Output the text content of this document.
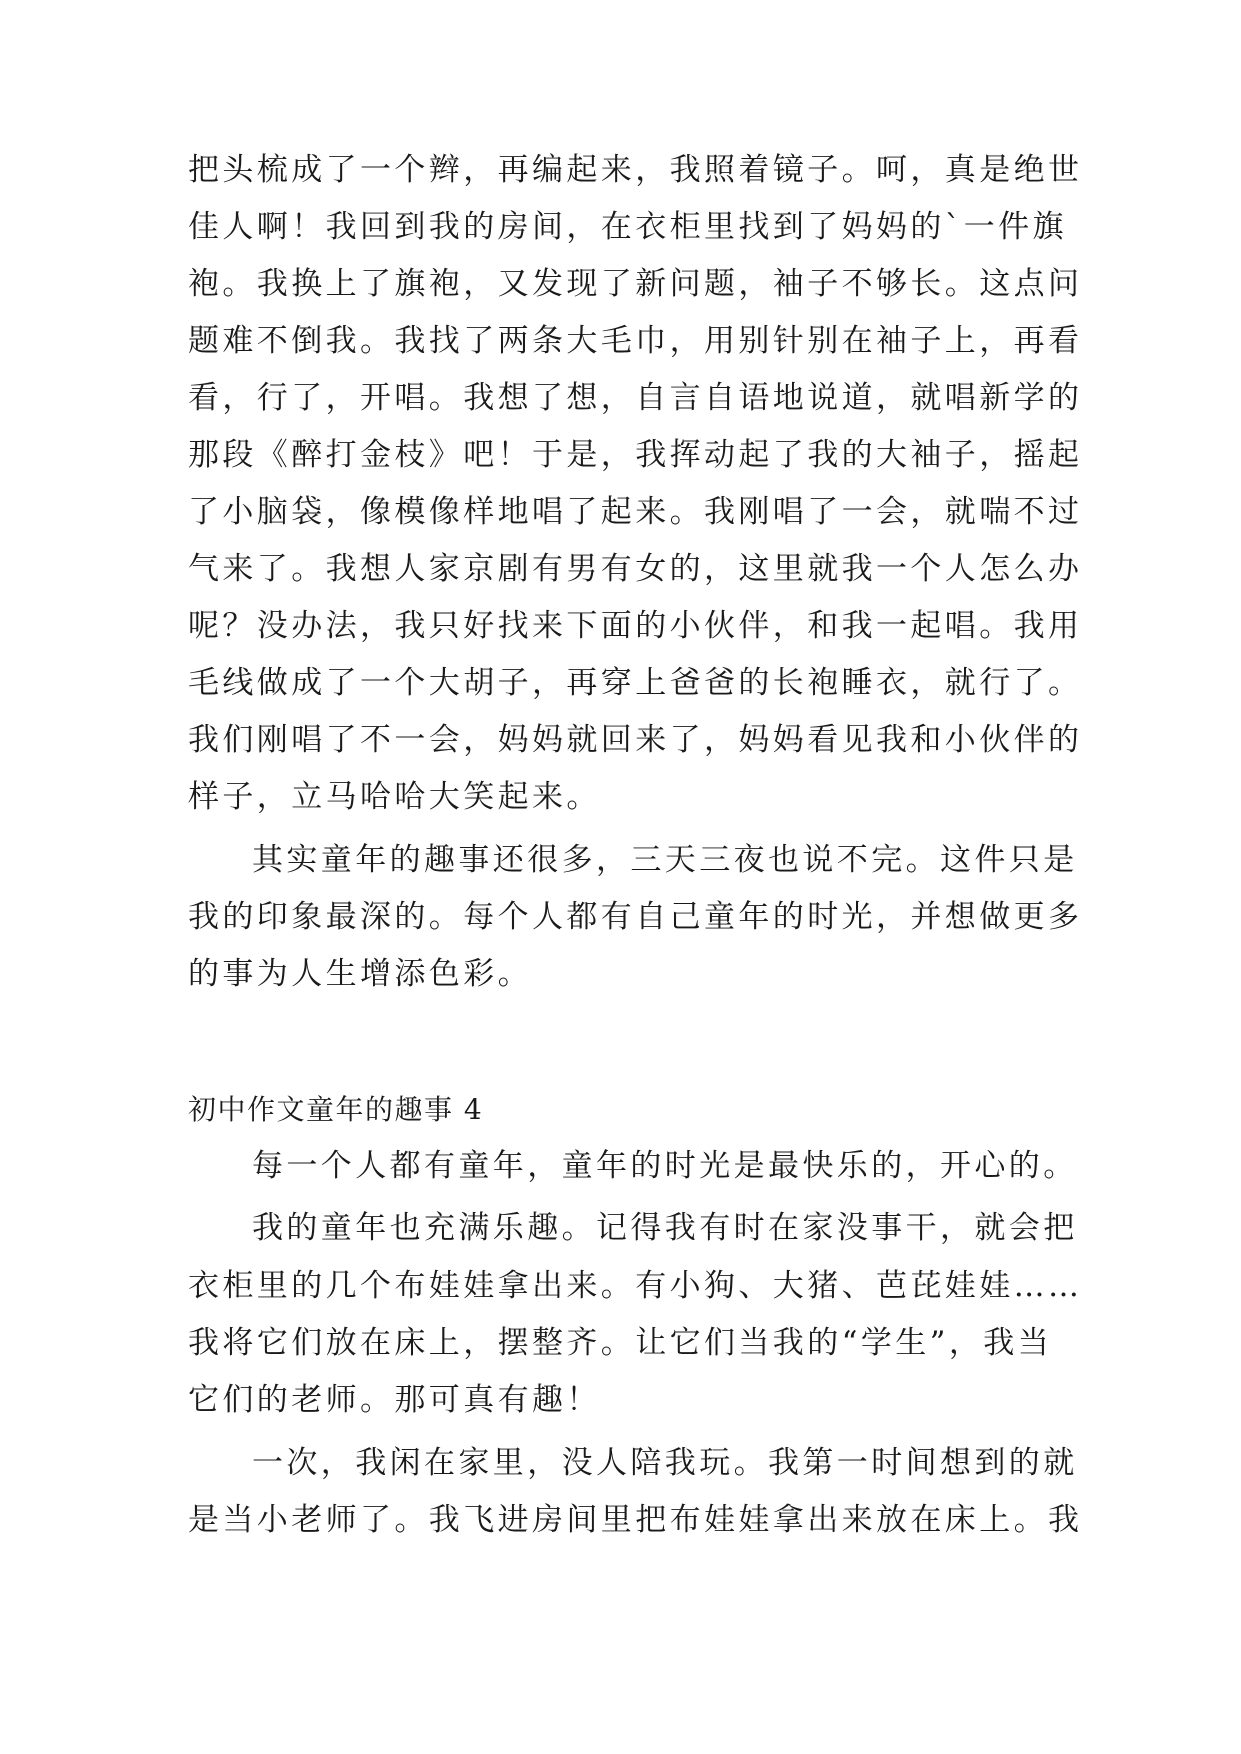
把头梳成了一个辫，再编起来，我照着镜子。呵，真是绝世
佳人啊！我回到我的房间，在衣柜里找到了妈妈的`一件旗
袍。我换上了旗袍，又发现了新问题，袖子不够长。这点问
题难不倒我。我找了两条大毛巾，用别针别在袖子上，再看
看，行了，开唱。我想了想，自言自语地说道，就唱新学的
那段《醉打金枝》吧！于是，我挥动起了我的大袖子，摇起
了小脑袋，像模像样地唱了起来。我刚唱了一会，就喘不过
气来了。我想人家京剧有男有女的，这里就我一个人怎么办
呢？没办法，我只好找来下面的小伙伴，和我一起唱。我用
毛线做成了一个大胡子，再穿上爸爸的长袍睡衣，就行了。
我们刚唱了不一会，妈妈就回来了，妈妈看见我和小伙伴的
样子，立马哈哈大笑起来。
其实童年的趣事还很多，三天三夜也说不完。这件只是
我的印象最深的。每个人都有自己童年的时光，并想做更多
的事为人生增添色彩。
初中作文童年的趣事 4
每一个人都有童年，童年的时光是最快乐的，开心的。
我的童年也充满乐趣。记得我有时在家没事干，就会把
衣柜里的几个布娃娃拿出来。有小狗、大猪、芭芘娃娃……
我将它们放在床上，摆整齐。让它们当我的“学生”，我当
它们的老师。那可真有趣！
一次，我闲在家里，没人陪我玩。我第一时间想到的就
是当小老师了。我飞进房间里把布娃娃拿出来放在床上。我
